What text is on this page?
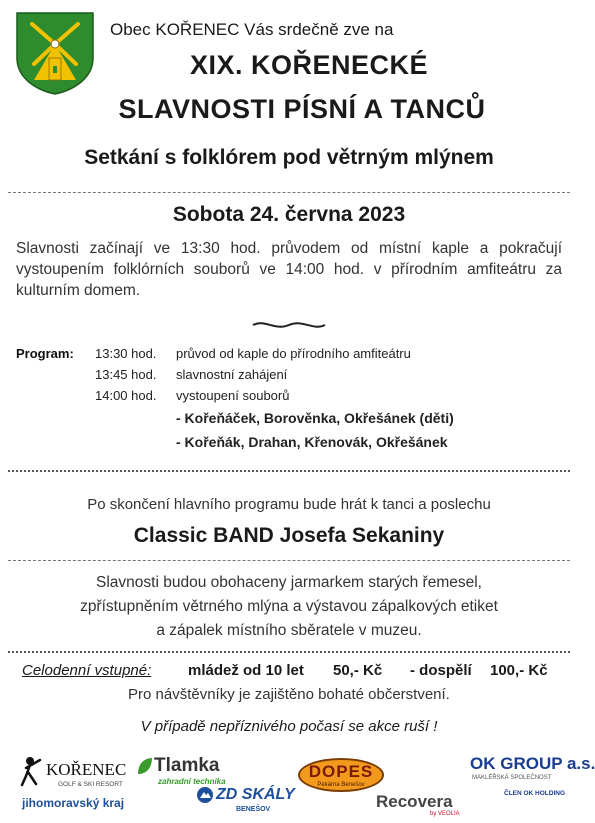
Obec KOŘENEC Vás srdečně zve na
XIX. KOŘENECKÉ
SLAVNOSTI PÍSNÍ A TANCŮ
Setkání s folklórem pod větrným mlýnem
Sobota 24. června 2023
Slavnosti začínají ve 13:30 hod. průvodem od místní kaple a pokračují vystoupením folklórních souborů ve 14:00 hod. v přírodním amfiteátru za kulturním domem.
Program: 13:30 hod. průvod od kaple do přírodního amfiteátru
13:45 hod. slavnostní zahájení
14:00 hod. vystoupení souborů
- Kořeňáček, Borověnka, Okřešánek (děti)
- Kořeňák, Drahan, Křenovák, Okřešánek
Po skončení hlavního programu bude hrát k tanci a poslechu
Classic BAND Josefa Sekaniny
Slavnosti budou obohaceny jarmarkem starých řemesel,
zpřístupněním větrného mlýna a výstavou zápalkových etiket
a zápalek místního sběratele v muzeu.
Celodenní vstupné: mládež od 10 let 50,- Kč - dospělí 100,- Kč
Pro návštěvníky je zajištěno bohaté občerstvení.
V případě nepříznivého počasí se akce ruší !
KOŘENEC
GOLF & SKI RESORT
Tlamka
zahradní technika
DOPES
Pekárna Benešov
OK GROUP a.s.
MAKLÉŘSKÁ SPOLEČNOST
ČLEN OK HOLDING
jihomoravský kraj	ZD SKÁLY
BENEŠOV	Recovera
by VEOLIA
